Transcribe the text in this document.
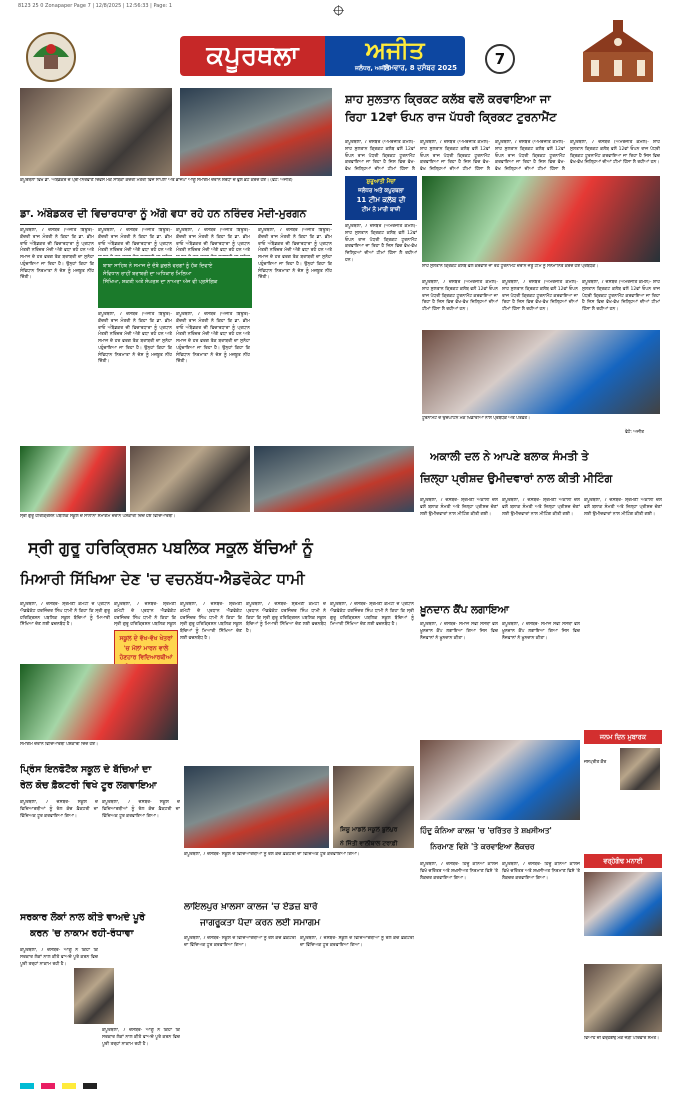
8123 25 0 Zonapaper Page 7 | 12/8/2025 | 12:56:33 | Page: 1
ਕਪੂਰਥਲਾ	ਅਜੀਤ
ਜਲੰਧਰ, ਅਜੀਤ
ਸੋਮਵਾਰ, 8 ਦਸੰਬਰ 2025	7
ਕਪੂਰਥਲਾ ਵਿਖੇ ਡਾ. ਅੰਬੇਡਕਰ ਦੇ ਪ੍ਰੀ-ਨਿਰਵਾਣ ਦਿਵਸ ਮੌਕੇ ਸਾਬਕਾ ਕੇਂਦਰੀ ਮੰਤਰੀ ਵਿਜੇ ਸਾਂਪਲਾ ਅਤੇ ਭਾਜਪਾ ਆਗੂ ਸਮਾਗਮ ਦੌਰਾਨ ਸ਼ਰਧਾ ਦੇ ਫੁੱਲ ਭੇਟ ਕਰਦੇ ਹੋਏ। (ਫੋਟੋ: ਅਜੀਤ)
ਡਾ. ਅੰਬੇਡਕਰ ਦੀ ਵਿਚਾਰਧਾਰਾ ਨੂੰ ਅੱਗੇ ਵਧਾ ਰਹੇ ਹਨ ਨਰਿੰਦਰ ਮੋਦੀ-ਮੁਰਗਨ
ਕਪੂਰਥਲਾ, 7 ਦਸੰਬਰ (ਅਜੀਤ ਬਿਊਰੋ)- ਕੇਂਦਰੀ ਰਾਜ ਮੰਤਰੀ ਨੇ ਕਿਹਾ ਕਿ ਡਾ. ਭੀਮ ਰਾਓ ਅੰਬੇਡਕਰ ਦੀ ਵਿਚਾਰਧਾਰਾ ਨੂੰ ਪ੍ਰਧਾਨ ਮੰਤਰੀ ਨਰਿੰਦਰ ਮੋਦੀ ਅੱਗੇ ਵਧਾ ਰਹੇ ਹਨ ਅਤੇ ਸਮਾਜ ਦੇ ਹਰ ਵਰਗ ਤੱਕ ਬਰਾਬਰੀ ਦਾ ਸੁਨੇਹਾ ਪਹੁੰਚਾਇਆ ਜਾ ਰਿਹਾ ਹੈ। ਉਨ੍ਹਾਂ ਕਿਹਾ ਕਿ ਸੰਵਿਧਾਨ ਨਿਰਮਾਤਾ ਨੇ ਦੇਸ਼ ਨੂੰ ਮਜ਼ਬੂਤ ਨੀਂਹ ਦਿੱਤੀ।
ਕਪੂਰਥਲਾ, 7 ਦਸੰਬਰ (ਅਜੀਤ ਬਿਊਰੋ)- ਕੇਂਦਰੀ ਰਾਜ ਮੰਤਰੀ ਨੇ ਕਿਹਾ ਕਿ ਡਾ. ਭੀਮ ਰਾਓ ਅੰਬੇਡਕਰ ਦੀ ਵਿਚਾਰਧਾਰਾ ਨੂੰ ਪ੍ਰਧਾਨ ਮੰਤਰੀ ਨਰਿੰਦਰ ਮੋਦੀ ਅੱਗੇ ਵਧਾ ਰਹੇ ਹਨ ਅਤੇ
ਕਪੂਰਥਲਾ, 7 ਦਸੰਬਰ (ਅਜੀਤ ਬਿਊਰੋ)- ਕੇਂਦਰੀ ਰਾਜ ਮੰਤਰੀ ਨੇ ਕਿਹਾ ਕਿ ਡਾ. ਭੀਮ ਰਾਓ ਅੰਬੇਡਕਰ ਦੀ ਵਿਚਾਰਧਾਰਾ ਨੂੰ ਪ੍ਰਧਾਨ ਮੰਤਰੀ ਨਰਿੰਦਰ ਮੋਦੀ ਅੱਗੇ ਵਧਾ ਰਹੇ ਹਨ ਅਤੇ
ਕਪੂਰਥਲਾ, 7 ਦਸੰਬਰ (ਅਜੀਤ ਬਿਊਰੋ)- ਕੇਂਦਰੀ ਰਾਜ ਮੰਤਰੀ ਨੇ ਕਿਹਾ ਕਿ ਡਾ. ਭੀਮ ਰਾਓ ਅੰਬੇਡਕਰ ਦੀ ਵਿਚਾਰਧਾਰਾ ਨੂੰ ਪ੍ਰਧਾਨ ਮੰਤਰੀ ਨਰਿੰਦਰ ਮੋਦੀ ਅੱਗੇ ਵਧਾ ਰਹੇ ਹਨ ਅਤੇ ਸਮਾਜ ਦੇ ਹਰ ਵਰਗ ਤੱਕ ਬਰਾਬਰੀ ਦਾ ਸੁਨੇਹਾ ਪਹੁੰਚਾਇਆ ਜਾ ਰਿਹਾ ਹੈ। ਉਨ੍ਹਾਂ ਕਿਹਾ ਕਿ ਸੰਵਿਧਾਨ ਨਿਰਮਾਤਾ ਨੇ ਦੇਸ਼ ਨੂੰ ਮਜ਼ਬੂਤ ਨੀਂਹ ਦਿੱਤੀ।
ਬਾਬਾ ਸਾਹਿਬ ਨੇ ਸਮਾਜ ਦੇ ਦੱਬੇ ਕੁਚਲੇ ਵਰਗਾਂ ਨੂੰ ਹੱਕ ਦਿਵਾਏ
ਸੰਵਿਧਾਨ ਰਾਹੀਂ ਬਰਾਬਰੀ ਦਾ ਅਧਿਕਾਰ ਮਿਲਿਆ
ਸਿੱਖਿਆ, ਸ਼ਕਤੀ ਅਤੇ ਸੰਘਰਸ਼ ਦਾ ਨਾਅਰਾ ਅੱਜ ਵੀ ਪ੍ਰਸੰਗਿਕ
ਕਪੂਰਥਲਾ, 7 ਦਸੰਬਰ (ਅਜੀਤ ਬਿਊਰੋ)- ਕੇਂਦਰੀ ਰਾਜ ਮੰਤਰੀ ਨੇ ਕਿਹਾ ਕਿ ਡਾ. ਭੀਮ ਰਾਓ ਅੰਬੇਡਕਰ ਦੀ ਵਿਚਾਰਧਾਰਾ ਨੂੰ ਪ੍ਰਧਾਨ ਮੰਤਰੀ ਨਰਿੰਦਰ ਮੋਦੀ ਅੱਗੇ ਵਧਾ ਰਹੇ ਹਨ ਅਤੇ ਸਮਾਜ ਦੇ ਹਰ ਵਰਗ ਤੱਕ ਬਰਾਬਰੀ ਦਾ ਸੁਨੇਹਾ ਪਹੁੰਚਾਇਆ ਜਾ ਰਿਹਾ ਹੈ। ਉਨ੍ਹਾਂ ਕਿਹਾ ਕਿ ਸੰਵਿਧਾਨ ਨਿਰਮਾਤਾ ਨੇ ਦੇਸ਼ ਨੂੰ ਮਜ਼ਬੂਤ ਨੀਂਹ ਦਿੱਤੀ।
ਕਪੂਰਥਲਾ, 7 ਦਸੰਬਰ (ਅਜੀਤ ਬਿਊਰੋ)- ਕੇਂਦਰੀ ਰਾਜ ਮੰਤਰੀ ਨੇ ਕਿਹਾ ਕਿ ਡਾ. ਭੀਮ ਰਾਓ ਅੰਬੇਡਕਰ ਦੀ ਵਿਚਾਰਧਾਰਾ ਨੂੰ ਪ੍ਰਧਾਨ ਮੰਤਰੀ ਨਰਿੰਦਰ ਮੋਦੀ ਅੱਗੇ ਵਧਾ ਰਹੇ ਹਨ ਅਤੇ ਸਮਾਜ ਦੇ ਹਰ ਵਰਗ ਤੱਕ ਬਰਾਬਰੀ ਦਾ ਸੁਨੇਹਾ ਪਹੁੰਚਾਇਆ ਜਾ ਰਿਹਾ ਹੈ। ਉਨ੍ਹਾਂ ਕਿਹਾ ਕਿ ਸੰਵਿਧਾਨ ਨਿਰਮਾਤਾ ਨੇ ਦੇਸ਼ ਨੂੰ ਮਜ਼ਬੂਤ ਨੀਂਹ ਦਿੱਤੀ।
ਸ਼ਾਹ ਸੁਲਤਾਨ ਕ੍ਰਿਕਟ ਕਲੱਬ ਵਲੋਂ ਕਰਵਾਇਆ ਜਾ
ਰਿਹਾ 12ਵਾਂ ਓਪਨ ਰਾਜ ਪੱਧਰੀ ਕ੍ਰਿਕਟ ਟੂਰਨਾਮੈਂਟ
ਕਪੂਰਥਲਾ, 7 ਦਸੰਬਰ (ਅਮਰਜੀਤ ਕੋਮਲ)- ਸ਼ਾਹ ਸੁਲਤਾਨ ਕ੍ਰਿਕਟ ਕਲੱਬ ਵਲੋਂ 12ਵਾਂ ਓਪਨ ਰਾਜ ਪੱਧਰੀ ਕ੍ਰਿਕਟ ਟੂਰਨਾਮੈਂਟ ਕਰਵਾਇਆ ਜਾ ਰਿਹਾ ਹੈ ਜਿਸ ਵਿਚ ਵੱਖ-ਵੱਖ ਜ਼ਿਲ੍ਹਿਆਂ ਦੀਆਂ ਟੀਮਾਂ ਹਿੱਸਾ ਲੈ
ਕਪੂਰਥਲਾ, 7 ਦਸੰਬਰ (ਅਮਰਜੀਤ ਕੋਮਲ)- ਸ਼ਾਹ ਸੁਲਤਾਨ ਕ੍ਰਿਕਟ ਕਲੱਬ ਵਲੋਂ 12ਵਾਂ ਓਪਨ ਰਾਜ ਪੱਧਰੀ ਕ੍ਰਿਕਟ ਟੂਰਨਾਮੈਂਟ ਕਰਵਾਇਆ ਜਾ ਰਿਹਾ ਹੈ ਜਿਸ ਵਿਚ ਵੱਖ-ਵੱਖ ਜ਼ਿਲ੍ਹਿਆਂ ਦੀਆਂ ਟੀਮਾਂ ਹਿੱਸਾ ਲੈ
ਕਪੂਰਥਲਾ, 7 ਦਸੰਬਰ (ਅਮਰਜੀਤ ਕੋਮਲ)- ਸ਼ਾਹ ਸੁਲਤਾਨ ਕ੍ਰਿਕਟ ਕਲੱਬ ਵਲੋਂ 12ਵਾਂ ਓਪਨ ਰਾਜ ਪੱਧਰੀ ਕ੍ਰਿਕਟ ਟੂਰਨਾਮੈਂਟ ਕਰਵਾਇਆ ਜਾ ਰਿਹਾ ਹੈ ਜਿਸ ਵਿਚ ਵੱਖ-ਵੱਖ ਜ਼ਿਲ੍ਹਿਆਂ ਦੀਆਂ ਟੀਮਾਂ ਹਿੱਸਾ ਲੈ
ਕਪੂਰਥਲਾ, 7 ਦਸੰਬਰ (ਅਮਰਜੀਤ ਕੋਮਲ)- ਸ਼ਾਹ ਸੁਲਤਾਨ ਕ੍ਰਿਕਟ ਕਲੱਬ ਵਲੋਂ 12ਵਾਂ ਓਪਨ ਰਾਜ ਪੱਧਰੀ ਕ੍ਰਿਕਟ ਟੂਰਨਾਮੈਂਟ ਕਰਵਾਇਆ ਜਾ ਰਿਹਾ ਹੈ ਜਿਸ ਵਿਚ ਵੱਖ-ਵੱਖ ਜ਼ਿਲ੍ਹਿਆਂ ਦੀਆਂ ਟੀਮਾਂ ਹਿੱਸਾ ਲੈ ਰਹੀਆਂ ਹਨ।
ਸ਼ੁਰੂਆਤੀ ਮੈਚਾਂ
ਜਲੰਧਰ ਅਤੇ ਕਪੂਰਥਲਾ
11 ਟੀਮ ਕਲੱਬ ਦੀ
ਟੀਮ ਨੇ ਮਾਰੀ ਬਾਜ਼ੀ
ਕਪੂਰਥਲਾ, 7 ਦਸੰਬਰ (ਅਮਰਜੀਤ ਕੋਮਲ)- ਸ਼ਾਹ ਸੁਲਤਾਨ ਕ੍ਰਿਕਟ ਕਲੱਬ ਵਲੋਂ 12ਵਾਂ ਓਪਨ ਰਾਜ ਪੱਧਰੀ ਕ੍ਰਿਕਟ ਟੂਰਨਾਮੈਂਟ ਕਰਵਾਇਆ ਜਾ ਰਿਹਾ ਹੈ ਜਿਸ ਵਿਚ ਵੱਖ-ਵੱਖ ਜ਼ਿਲ੍ਹਿਆਂ ਦੀਆਂ ਟੀਮਾਂ ਹਿੱਸਾ ਲੈ ਰਹੀਆਂ ਹਨ।
ਸ਼ਾਹ ਸੁਲਤਾਨ ਕ੍ਰਿਕਟ ਕਲੱਬ ਵਲੋਂ ਕਰਵਾਏ ਜਾ ਰਹੇ ਟੂਰਨਾਮੈਂਟ ਦੌਰਾਨ ਜੇਤੂ ਟੀਮ ਨੂੰ ਸਨਮਾਨਿਤ ਕਰਦੇ ਹੋਏ ਪ੍ਰਬੰਧਕ।
ਕਪੂਰਥਲਾ, 7 ਦਸੰਬਰ (ਅਮਰਜੀਤ ਕੋਮਲ)- ਸ਼ਾਹ ਸੁਲਤਾਨ ਕ੍ਰਿਕਟ ਕਲੱਬ ਵਲੋਂ 12ਵਾਂ ਓਪਨ ਰਾਜ ਪੱਧਰੀ ਕ੍ਰਿਕਟ ਟੂਰਨਾਮੈਂਟ ਕਰਵਾਇਆ ਜਾ ਰਿਹਾ ਹੈ ਜਿਸ ਵਿਚ ਵੱਖ-ਵੱਖ ਜ਼ਿਲ੍ਹਿਆਂ ਦੀਆਂ ਟੀਮਾਂ ਹਿੱਸਾ ਲੈ ਰਹੀਆਂ ਹਨ।
ਕਪੂਰਥਲਾ, 7 ਦਸੰਬਰ (ਅਮਰਜੀਤ ਕੋਮਲ)- ਸ਼ਾਹ ਸੁਲਤਾਨ ਕ੍ਰਿਕਟ ਕਲੱਬ ਵਲੋਂ 12ਵਾਂ ਓਪਨ ਰਾਜ ਪੱਧਰੀ ਕ੍ਰਿਕਟ ਟੂਰਨਾਮੈਂਟ ਕਰਵਾਇਆ ਜਾ ਰਿਹਾ ਹੈ ਜਿਸ ਵਿਚ ਵੱਖ-ਵੱਖ ਜ਼ਿਲ੍ਹਿਆਂ ਦੀਆਂ ਟੀਮਾਂ ਹਿੱਸਾ ਲੈ ਰਹੀਆਂ ਹਨ।
ਕਪੂਰਥਲਾ, 7 ਦਸੰਬਰ (ਅਮਰਜੀਤ ਕੋਮਲ)- ਸ਼ਾਹ ਸੁਲਤਾਨ ਕ੍ਰਿਕਟ ਕਲੱਬ ਵਲੋਂ 12ਵਾਂ ਓਪਨ ਰਾਜ ਪੱਧਰੀ ਕ੍ਰਿਕਟ ਟੂਰਨਾਮੈਂਟ ਕਰਵਾਇਆ ਜਾ ਰਿਹਾ ਹੈ ਜਿਸ ਵਿਚ ਵੱਖ-ਵੱਖ ਜ਼ਿਲ੍ਹਿਆਂ ਦੀਆਂ ਟੀਮਾਂ ਹਿੱਸਾ ਲੈ ਰਹੀਆਂ ਹਨ।
ਟੂਰਨਾਮੈਂਟ ਦੇ ਉਦਘਾਟਨ ਮੌਕੇ ਖਿਡਾਰੀਆਂ ਨਾਲ ਪ੍ਰਬੰਧਕ ਅਤੇ ਪਤਵੰਤੇ।
ਫੋਟੋ: ਅਜੀਤ
ਸ੍ਰੀ ਗੁਰੂ ਹਰਿਕ੍ਰਿਸ਼ਨ ਪਬਲਿਕ ਸਕੂਲ ਦੇ ਸਾਲਾਨਾ ਸਮਾਗਮ ਦੌਰਾਨ ਪੇਸ਼ਕਾਰੀ ਦਿੰਦੇ ਹੋਏ ਵਿਦਿਆਰਥੀ।
ਅਕਾਲੀ ਦਲ ਨੇ ਆਪਣੇ ਬਲਾਕ ਸੰਮਤੀ ਤੇ
ਜ਼ਿਲ੍ਹਾ ਪ੍ਰੀਸ਼ਦ ਉਮੀਦਵਾਰਾਂ ਨਾਲ ਕੀਤੀ ਮੀਟਿੰਗ
ਕਪੂਰਥਲਾ, 7 ਦਸੰਬਰ- ਸ਼੍ਰੋਮਣੀ ਅਕਾਲੀ ਦਲ ਵਲੋਂ ਬਲਾਕ ਸੰਮਤੀ ਅਤੇ ਜ਼ਿਲ੍ਹਾ ਪ੍ਰੀਸ਼ਦ ਚੋਣਾਂ ਲਈ ਉਮੀਦਵਾਰਾਂ ਨਾਲ ਮੀਟਿੰਗ ਕੀਤੀ ਗਈ।
ਕਪੂਰਥਲਾ, 7 ਦਸੰਬਰ- ਸ਼੍ਰੋਮਣੀ ਅਕਾਲੀ ਦਲ ਵਲੋਂ ਬਲਾਕ ਸੰਮਤੀ ਅਤੇ ਜ਼ਿਲ੍ਹਾ ਪ੍ਰੀਸ਼ਦ ਚੋਣਾਂ ਲਈ ਉਮੀਦਵਾਰਾਂ ਨਾਲ ਮੀਟਿੰਗ ਕੀਤੀ ਗਈ।
ਕਪੂਰਥਲਾ, 7 ਦਸੰਬਰ- ਸ਼੍ਰੋਮਣੀ ਅਕਾਲੀ ਦਲ ਵਲੋਂ ਬਲਾਕ ਸੰਮਤੀ ਅਤੇ ਜ਼ਿਲ੍ਹਾ ਪ੍ਰੀਸ਼ਦ ਚੋਣਾਂ ਲਈ ਉਮੀਦਵਾਰਾਂ ਨਾਲ ਮੀਟਿੰਗ ਕੀਤੀ ਗਈ।
ਸ੍ਰੀ ਗੁਰੂ ਹਰਿਕ੍ਰਿਸ਼ਨ ਪਬਲਿਕ ਸਕੂਲ ਬੱਚਿਆਂ ਨੂੰ
ਮਿਆਰੀ ਸਿੱਖਿਆ ਦੇਣ 'ਚ ਵਚਨਬੱਧ-ਐਡਵੋਕੇਟ ਧਾਮੀ
ਕਪੂਰਥਲਾ, 7 ਦਸੰਬਰ- ਸ਼੍ਰੋਮਣੀ ਕਮੇਟੀ ਦੇ ਪ੍ਰਧਾਨ ਐਡਵੋਕੇਟ ਹਰਜਿੰਦਰ ਸਿੰਘ ਧਾਮੀ ਨੇ ਕਿਹਾ ਕਿ ਸ੍ਰੀ ਗੁਰੂ ਹਰਿਕ੍ਰਿਸ਼ਨ ਪਬਲਿਕ ਸਕੂਲ ਬੱਚਿਆਂ ਨੂੰ ਮਿਆਰੀ ਸਿੱਖਿਆ ਦੇਣ ਲਈ ਵਚਨਬੱਧ ਹੈ।
ਕਪੂਰਥਲਾ, 7 ਦਸੰਬਰ- ਸ਼੍ਰੋਮਣੀ ਕਮੇਟੀ ਦੇ ਪ੍ਰਧਾਨ ਐਡਵੋਕੇਟ ਹਰਜਿੰਦਰ ਸਿੰਘ ਧਾਮੀ ਨੇ ਕਿਹਾ ਕਿ ਸ੍ਰੀ ਗੁਰੂ ਹਰਿਕ੍ਰਿਸ਼ਨ ਪਬਲਿਕ ਸਕੂਲ
ਕਪੂਰਥਲਾ, 7 ਦਸੰਬਰ- ਸ਼੍ਰੋਮਣੀ ਕਮੇਟੀ ਦੇ ਪ੍ਰਧਾਨ ਐਡਵੋਕੇਟ ਹਰਜਿੰਦਰ ਸਿੰਘ ਧਾਮੀ ਨੇ ਕਿਹਾ ਕਿ ਸ੍ਰੀ ਗੁਰੂ ਹਰਿਕ੍ਰਿਸ਼ਨ ਪਬਲਿਕ ਸਕੂਲ ਬੱਚਿਆਂ ਨੂੰ ਮਿਆਰੀ ਸਿੱਖਿਆ ਦੇਣ ਲਈ ਵਚਨਬੱਧ ਹੈ।
ਕਪੂਰਥਲਾ, 7 ਦਸੰਬਰ- ਸ਼੍ਰੋਮਣੀ ਕਮੇਟੀ ਦੇ ਪ੍ਰਧਾਨ ਐਡਵੋਕੇਟ ਹਰਜਿੰਦਰ ਸਿੰਘ ਧਾਮੀ ਨੇ ਕਿਹਾ ਕਿ ਸ੍ਰੀ ਗੁਰੂ ਹਰਿਕ੍ਰਿਸ਼ਨ ਪਬਲਿਕ ਸਕੂਲ ਬੱਚਿਆਂ ਨੂੰ ਮਿਆਰੀ ਸਿੱਖਿਆ ਦੇਣ ਲਈ ਵਚਨਬੱਧ ਹੈ।
ਕਪੂਰਥਲਾ, 7 ਦਸੰਬਰ- ਸ਼੍ਰੋਮਣੀ ਕਮੇਟੀ ਦੇ ਪ੍ਰਧਾਨ ਐਡਵੋਕੇਟ ਹਰਜਿੰਦਰ ਸਿੰਘ ਧਾਮੀ ਨੇ ਕਿਹਾ ਕਿ ਸ੍ਰੀ ਗੁਰੂ ਹਰਿਕ੍ਰਿਸ਼ਨ ਪਬਲਿਕ ਸਕੂਲ ਬੱਚਿਆਂ ਨੂੰ ਮਿਆਰੀ ਸਿੱਖਿਆ ਦੇਣ ਲਈ ਵਚਨਬੱਧ ਹੈ।
ਸਕੂਲ ਦੇ ਵੱਖ-ਵੱਖ ਖੇਤਰਾਂ 'ਚ ਮੱਲਾਂ ਮਾਰਨ ਵਾਲੇ ਹੋਣਹਾਰ ਵਿਦਿਆਰਥੀਆਂ
ਸਮਾਗਮ ਦੌਰਾਨ ਵਿਦਿਆਰਥੀ ਪੇਸ਼ਕਾਰੀ ਦਿੰਦੇ ਹੋਏ।
ਖ਼ੂਨਦਾਨ ਕੈਂਪ ਲਗਾਇਆ
ਕਪੂਰਥਲਾ, 7 ਦਸੰਬਰ- ਸਮਾਜ ਸੇਵੀ ਸੰਸਥਾ ਵਲੋਂ ਖ਼ੂਨਦਾਨ ਕੈਂਪ ਲਗਾਇਆ ਗਿਆ ਜਿਸ ਵਿਚ ਨੌਜਵਾਨਾਂ ਨੇ ਖ਼ੂਨਦਾਨ ਕੀਤਾ।
ਕਪੂਰਥਲਾ, 7 ਦਸੰਬਰ- ਸਮਾਜ ਸੇਵੀ ਸੰਸਥਾ ਵਲੋਂ ਖ਼ੂਨਦਾਨ ਕੈਂਪ ਲਗਾਇਆ ਗਿਆ ਜਿਸ ਵਿਚ ਨੌਜਵਾਨਾਂ ਨੇ ਖ਼ੂਨਦਾਨ ਕੀਤਾ।
ਜਨਮ ਦਿਨ ਮੁਬਾਰਕ
ਜਸਪ੍ਰੀਤ ਕੌਰ
ਪ੍ਰਿੰਸ ਇਨਫੋਟੈਕ ਸਕੂਲ ਦੇ ਬੱਚਿਆਂ ਦਾ
ਰੇਲ ਕੋਚ ਫ਼ੈਕਟਰੀ ਵਿਖੇ ਟੂਰ ਲਗਵਾਇਆ
ਕਪੂਰਥਲਾ, 7 ਦਸੰਬਰ- ਸਕੂਲ ਦੇ ਵਿਦਿਆਰਥੀਆਂ ਨੂੰ ਰੇਲ ਕੋਚ ਫ਼ੈਕਟਰੀ ਦਾ ਵਿੱਦਿਅਕ ਟੂਰ ਕਰਵਾਇਆ ਗਿਆ।
ਕਪੂਰਥਲਾ, 7 ਦਸੰਬਰ- ਸਕੂਲ ਦੇ ਵਿਦਿਆਰਥੀਆਂ ਨੂੰ ਰੇਲ ਕੋਚ ਫ਼ੈਕਟਰੀ ਦਾ ਵਿੱਦਿਅਕ ਟੂਰ ਕਰਵਾਇਆ ਗਿਆ।
ਕਪੂਰਥਲਾ, 7 ਦਸੰਬਰ- ਸਕੂਲ ਦੇ ਵਿਦਿਆਰਥੀਆਂ ਨੂੰ ਰੇਲ ਕੋਚ ਫ਼ੈਕਟਰੀ ਦਾ ਵਿੱਦਿਅਕ ਟੂਰ ਕਰਵਾਇਆ ਗਿਆ।
ਲਾਇਲਪੁਰ ਖ਼ਾਲਸਾ ਕਾਲਜ 'ਚ ਏਡਜ਼ ਬਾਰੇ
ਜਾਗਰੂਕਤਾ ਪੈਦਾ ਕਰਨ ਲਈ ਸਮਾਗਮ
ਸਰਕਾਰ ਲੋਕਾਂ ਨਾਲ ਕੀਤੇ ਵਾਅਦੇ ਪੂਰੇ
ਕਰਨ 'ਚ ਨਾਕਾਮ ਰਹੀ-ਰੰਧਾਵਾ
ਕਪੂਰਥਲਾ, 7 ਦਸੰਬਰ- ਆਗੂ ਨੇ ਕਿਹਾ ਕਿ ਸਰਕਾਰ ਲੋਕਾਂ ਨਾਲ ਕੀਤੇ ਵਾਅਦੇ ਪੂਰੇ ਕਰਨ ਵਿਚ ਪੂਰੀ ਤਰ੍ਹਾਂ ਨਾਕਾਮ ਰਹੀ ਹੈ।
ਕਪੂਰਥਲਾ, 7 ਦਸੰਬਰ- ਆਗੂ ਨੇ ਕਿਹਾ ਕਿ ਸਰਕਾਰ ਲੋਕਾਂ ਨਾਲ ਕੀਤੇ ਵਾਅਦੇ ਪੂਰੇ ਕਰਨ ਵਿਚ ਪੂਰੀ ਤਰ੍ਹਾਂ ਨਾਕਾਮ ਰਹੀ ਹੈ।
ਕਪੂਰਥਲਾ, 7 ਦਸੰਬਰ- ਸਕੂਲ ਦੇ ਵਿਦਿਆਰਥੀਆਂ ਨੂੰ ਰੇਲ ਕੋਚ ਫ਼ੈਕਟਰੀ ਦਾ ਵਿੱਦਿਅਕ ਟੂਰ ਕਰਵਾਇਆ ਗਿਆ।
ਕਪੂਰਥਲਾ, 7 ਦਸੰਬਰ- ਸਕੂਲ ਦੇ ਵਿਦਿਆਰਥੀਆਂ ਨੂੰ ਰੇਲ ਕੋਚ ਫ਼ੈਕਟਰੀ ਦਾ ਵਿੱਦਿਅਕ ਟੂਰ ਕਰਵਾਇਆ ਗਿਆ।
ਸ਼ਿਸ਼ੂ ਮਾਡਲ ਸਕੂਲ ਬੂਲਪੁਰ
ਨੇ ਜਿੱਤੀ ਵਾਲੀਬਾਲ ਟਰਾਫ਼ੀ
ਹਿੰਦੂ ਕੰਨਿਆ ਕਾਲਜ 'ਚ 'ਚਰਿੱਤਰ ਤੇ ਸ਼ਖ਼ਸੀਅਤ'
ਨਿਰਮਾਣ ਵਿਸ਼ੇ 'ਤੇ ਕਰਵਾਇਆ ਲੈਕਚਰ
ਕਪੂਰਥਲਾ, 7 ਦਸੰਬਰ- ਹਿੰਦੂ ਕੰਨਿਆ ਕਾਲਜ ਵਿਖੇ ਚਰਿੱਤਰ ਅਤੇ ਸ਼ਖ਼ਸੀਅਤ ਨਿਰਮਾਣ ਵਿਸ਼ੇ 'ਤੇ ਲੈਕਚਰ ਕਰਵਾਇਆ ਗਿਆ।
ਕਪੂਰਥਲਾ, 7 ਦਸੰਬਰ- ਹਿੰਦੂ ਕੰਨਿਆ ਕਾਲਜ ਵਿਖੇ ਚਰਿੱਤਰ ਅਤੇ ਸ਼ਖ਼ਸੀਅਤ ਨਿਰਮਾਣ ਵਿਸ਼ੇ 'ਤੇ ਲੈਕਚਰ ਕਰਵਾਇਆ ਗਿਆ।
ਵਰ੍ਹੇਗੰਢ ਮਨਾਈ
ਵਿਆਹ ਦੀ ਵਰ੍ਹੇਗੰਢ ਮੌਕੇ ਜੋੜੀ ਪਰਿਵਾਰ ਸਮੇਤ।
